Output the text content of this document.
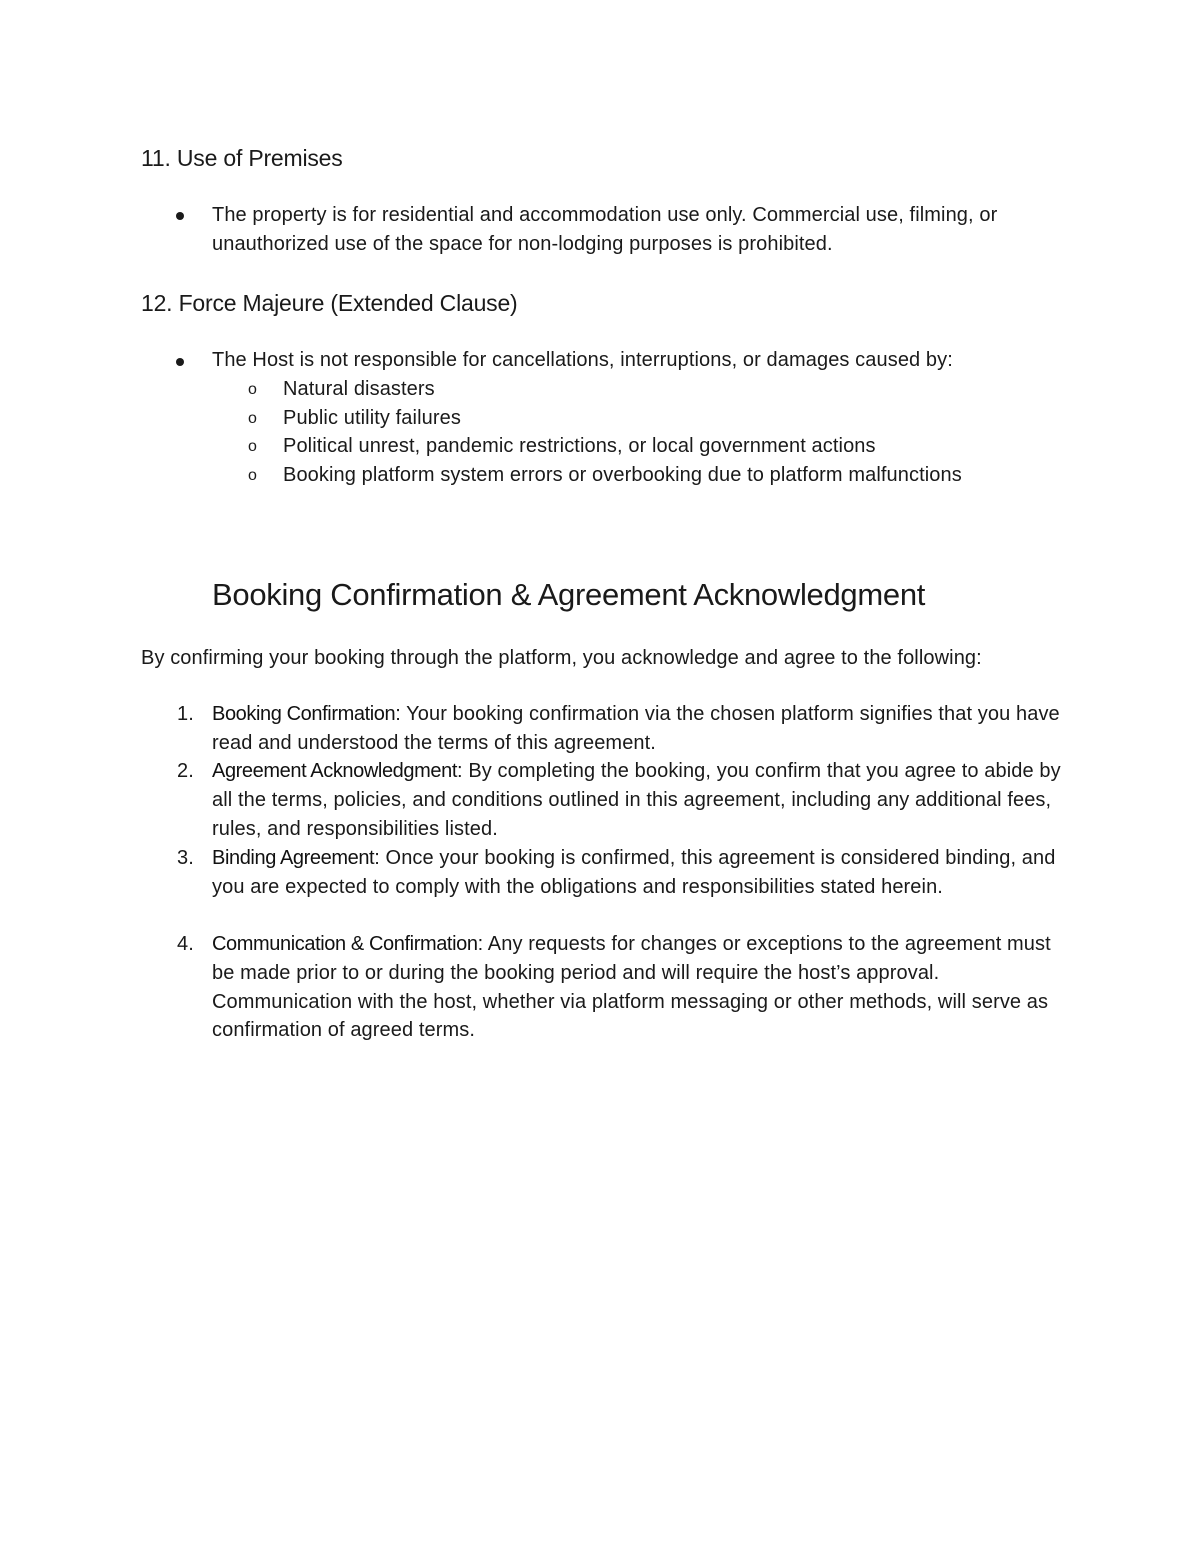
11. Use of Premises
The property is for residential and accommodation use only. Commercial use, filming, or unauthorized use of the space for non-lodging purposes is prohibited.
12. Force Majeure (Extended Clause)
The Host is not responsible for cancellations, interruptions, or damages caused by:
o Natural disasters
o Public utility failures
o Political unrest, pandemic restrictions, or local government actions
o Booking platform system errors or overbooking due to platform malfunctions
Booking Confirmation & Agreement Acknowledgment
By confirming your booking through the platform, you acknowledge and agree to the following:
1. Booking Confirmation: Your booking confirmation via the chosen platform signifies that you have read and understood the terms of this agreement.
2. Agreement Acknowledgment: By completing the booking, you confirm that you agree to abide by all the terms, policies, and conditions outlined in this agreement, including any additional fees, rules, and responsibilities listed.
3. Binding Agreement: Once your booking is confirmed, this agreement is considered binding, and you are expected to comply with the obligations and responsibilities stated herein.
4. Communication & Confirmation: Any requests for changes or exceptions to the agreement must be made prior to or during the booking period and will require the host’s approval. Communication with the host, whether via platform messaging or other methods, will serve as confirmation of agreed terms.
